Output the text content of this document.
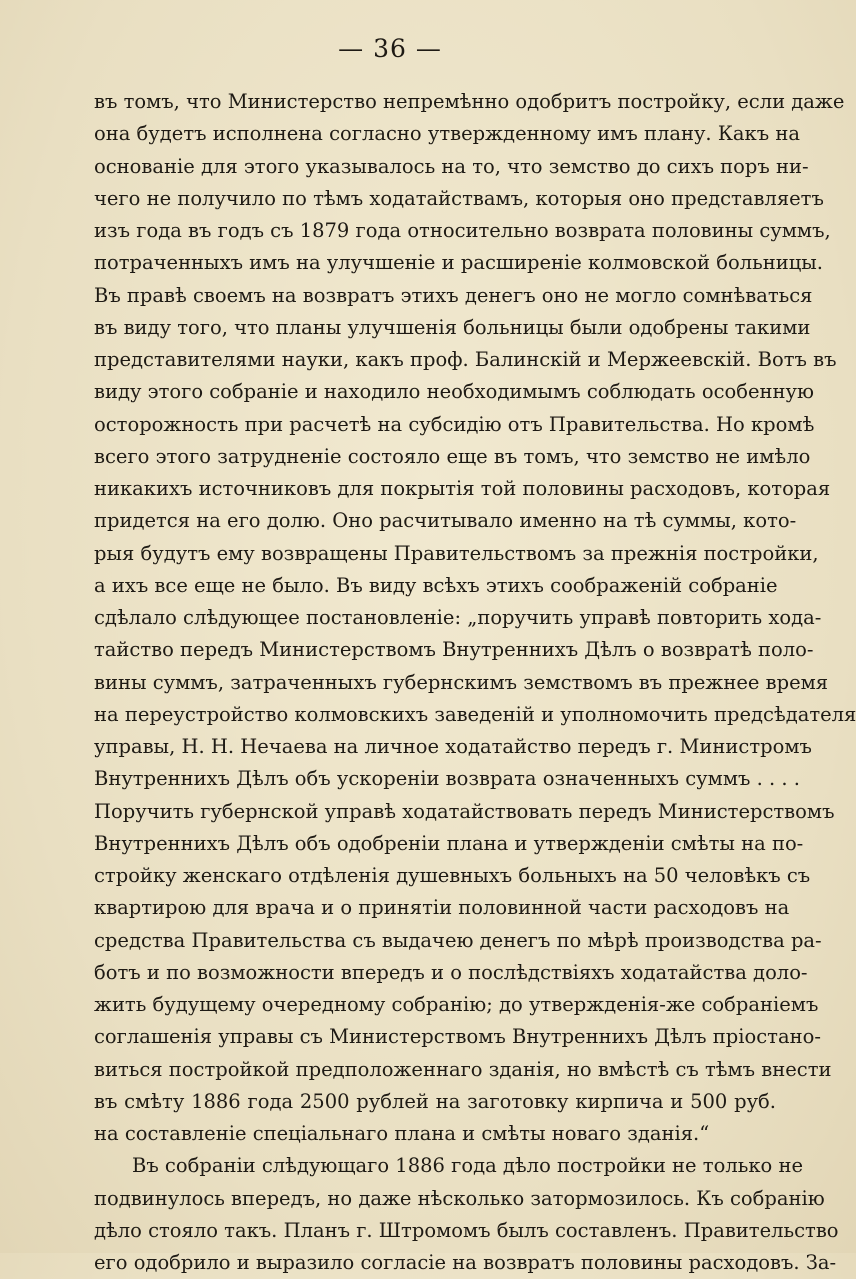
— 36 —
въ томъ, что Министерство непремѣнно одобритъ постройку, если даже
она будетъ исполнена согласно утвержденному имъ плану. Какъ на
основаніе для этого указывалось на то, что земство до сихъ поръ ни-
чего не получило по тѣмъ ходатайствамъ, которыя оно представляетъ
изъ года въ годъ съ 1879 года относительно возврата половины суммъ,
потраченныхъ имъ на улучшеніе и расширеніе колмовской больницы.
Въ правѣ своемъ на возвратъ этихъ денегъ оно не могло сомнѣваться
въ виду того, что планы улучшенія больницы были одобрены такими
представителями науки, какъ проф. Балинскій и Мержеевскій. Вотъ въ
виду этого собраніе и находило необходимымъ соблюдать особенную
осторожность при расчетѣ на субсидію отъ Правительства. Но кромѣ
всего этого затрудненіе состояло еще въ томъ, что земство не имѣло
никакихъ источниковъ для покрытія той половины расходовъ, которая
придется на его долю. Оно расчитывало именно на тѣ суммы, кото-
рыя будутъ ему возвращены Правительствомъ за прежнія постройки,
а ихъ все еще не было. Въ виду всѣхъ этихъ соображеній собраніе
сдѣлало слѣдующее постановленіе: „поручить управѣ повторить хода-
тайство передъ Министерствомъ Внутреннихъ Дѣлъ о возвратѣ поло-
вины суммъ, затраченныхъ губернскимъ земствомъ въ прежнее время
на переустройство колмовскихъ заведеній и уполномочить предсѣдателя
управы, Н. Н. Нечаева на личное ходатайство передъ г. Министромъ
Внутреннихъ Дѣлъ объ ускореніи возврата означенныхъ суммъ . . . .
Поручить губернской управѣ ходатайствовать передъ Министерствомъ
Внутреннихъ Дѣлъ объ одобреніи плана и утвержденіи смѣты на по-
стройку женскаго отдѣленія душевныхъ больныхъ на 50 человѣкъ съ
квартирою для врача и о принятіи половинной части расходовъ на
средства Правительства съ выдачею денегъ по мѣрѣ производства ра-
ботъ и по возможности впередъ и о послѣдствіяхъ ходатайства доло-
жить будущему очередному собранію; до утвержденія-же собраніемъ
соглашенія управы съ Министерствомъ Внутреннихъ Дѣлъ пріостано-
виться постройкой предположеннаго зданія, но вмѣстѣ съ тѣмъ внести
въ смѣту 1886 года 2500 рублей на заготовку кирпича и 500 руб.
на составленіе спеціальнаго плана и смѣты новаго зданія.“
Въ собраніи слѣдующаго 1886 года дѣло постройки не только не
подвинулось впередъ, но даже нѣсколько затормозилось. Къ собранію
дѣло стояло такъ. Планъ г. Штромомъ былъ составленъ. Правительство
его одобрило и выразило согласіе на возвратъ половины расходовъ. За-
